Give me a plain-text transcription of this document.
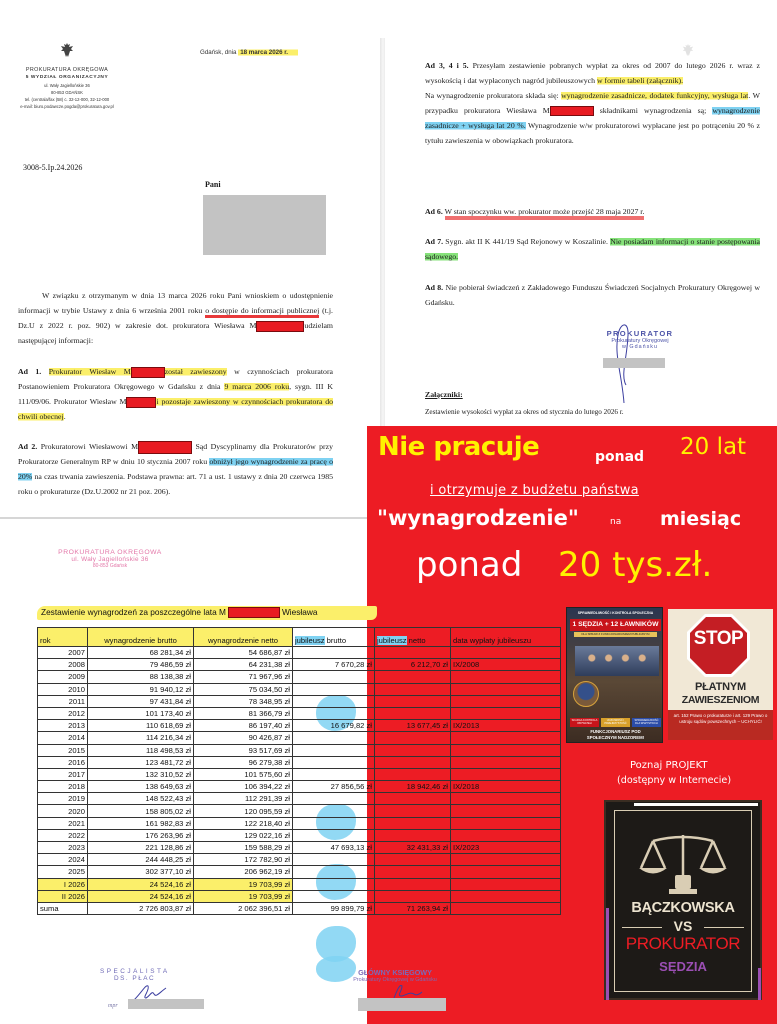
PROKURATURA OKRĘGOWA
5 WYDZIAŁ ORGANIZACYJNY
ul. Wały Jagiellońskie 36
80-853 GDAŃSK
tel. (centrala/fax (58) c. 32-12-000, 32-12-000
e-mail: biuro.podawcze.pogda@prokuratura.gov.pl
Gdańsk, dnia 18 marca 2026 r.
3008-5.Ip.24.2026
Pani
W związku z otrzymanym w dnia 13 marca 2026 roku Pani wnioskiem o udostępnienie informacji w trybie Ustawy z dnia 6 września 2001 roku o dostępie do informacji publicznej (t.j. Dz.U z 2022 r. poz. 902) w zakresie dot. prokuratora Wiesława M	udzielam następującej informacji:
Ad 1. Prokurator Wiesław M	został zawieszony w czynnościach prokuratora Postanowieniem Prokuratora Okręgowego w Gdańsku z dnia 9 marca 2006 roku, sygn. III K 111/09/06. Prokurator Wiesław M	i pozostaje zawieszony w czynnościach prokuratora do chwili obecnej.
Ad 2. Prokuratorowi Wiesławowi M	Sąd Dyscyplinarny dla Prokuratorów przy Prokuratorze Generalnym RP w dniu 10 stycznia 2007 roku obniżył jego wynagrodzenie za pracę o 20% na czas trwania zawieszenia. Podstawa prawna: art. 71 a ust. 1 ustawy z dnia 20 czerwca 1985 roku o prokuraturze (Dz.U.2002 nr 21 poz. 206).
Ad 3, 4 i 5. Przesyłam zestawienie pobranych wypłat za okres od 2007 do lutego 2026 r. wraz z wysokością i dat wypłaconych nagród jubileuszowych w formie tabeli (załącznik).
Na wynagrodzenie prokuratora składa się: wynagrodzenie zasadnicze, dodatek funkcyjny, wysługa lat. W przypadku prokuratora Wiesława M	składnikami wynagrodzenia są; wynagrodzenie zasadnicze + wysługa lat 20 %. Wynagrodzenie w/w prokuratorowi wypłacane jest po potrąceniu 20 % z tytułu zawieszenia w obowiązkach prokuratora.
Ad 6. W stan spoczynku ww. prokurator może przejść 28 maja 2027 r.
Ad 7. Sygn. akt II K 441/19 Sąd Rejonowy w Koszalinie. Nie posiadam informacji o stanie postępowania sądowego.
Ad 8. Nie pobierał świadczeń z Zakładowego Funduszu Świadczeń Socjalnych Prokuratury Okręgowej w Gdańsku.
PROKURATOR
Prokuratury Okręgowej
w Gdańsku
Załączniki:
Zestawienie wysokości wypłat za okres od stycznia do lutego 2026 r.
Nie pracuje	ponad 20 lat
i otrzymuje z budżetu państwa
"wynagrodzenie"	na miesiąc
ponad 20 tys.zł.
SPRAWIEDLIWOŚĆ I KONTROLA SPOŁECZNA
1 SĘDZIA + 12 ŁAWNIKÓW
DLA SPRAW Z FUNKCJONARIUSZEM PUBLICZNYM
SKARGA KONTROLA OBYWATELI
UCZCIWOŚĆ I PRZEJRZYSTOŚĆ
SPRAWIEDLIWOŚĆ DLA WSZYSTKICH
FUNKCJONARIUSZ POD
SPOŁECZNYM NADZOREM!
STOP
PŁATNYM
ZAWIESZENIOM
art. 152 Prawo o prokuraturze i art. 129 Prawo o ustroju sądów powszechnych – UCHYLIĆ!
Poznaj PROJEKT
(dostępny w Internecie)
BĄCZKOWSKA
VS
PROKURATOR
SĘDZIA
PROKURATURA OKRĘGOWA
ul. Wały Jagiellońskie 36
80-853 Gdańsk
Zestawienie wynagrodzeń za poszczególne lata M	Wiesława
rok	wynagrodzenie brutto	wynagrodzenie netto	jubileusz brutto	jubileusz netto	data wypłaty jubileuszu
2007	68 281,34 zł	54 686,87 zł			
2008	79 486,59 zł	64 231,38 zł	7 670,28 zł	6 212,70 zł	IX/2008
2009	88 138,38 zł	71 967,96 zł			
2010	91 940,12 zł	75 034,50 zł			
2011	97 431,84 zł	78 348,95 zł			
2012	101 173,40 zł	81 366,79 zł			
2013	110 618,69 zł	86 197,40 zł	16 679,82 zł	13 677,45 zł	IX/2013
2014	114 216,34 zł	90 426,87 zł			
2015	118 498,53 zł	93 517,69 zł			
2016	123 481,72 zł	96 279,38 zł			
2017	132 310,52 zł	101 575,60 zł			
2018	138 649,63 zł	106 394,22 zł	27 856,56 zł	18 942,46 zł	IX/2018
2019	148 522,43 zł	112 291,39 zł			
2020	158 805,02 zł	120 095,59 zł			
2021	161 982,83 zł	122 218,40 zł			
2022	176 263,96 zł	129 022,16 zł			
2023	221 128,86 zł	159 588,29 zł	47 693,13 zł	32 431,33 zł	IX/2023
2024	244 448,25 zł	172 782,90 zł			
2025	302 377,10 zł	206 962,19 zł			
I 2026	24 524,16 zł	19 703,99 zł			
II 2026	24 524,16 zł	19 703,99 zł			
suma	2 726 803,87 zł	2 062 396,51 zł	99 899,79 zł	71 263,94 zł	
SPECJALISTA
DS. PŁAC
mpr
GŁÓWNY KSIĘGOWY
Prokuratury Okręgowej w Gdańsku
